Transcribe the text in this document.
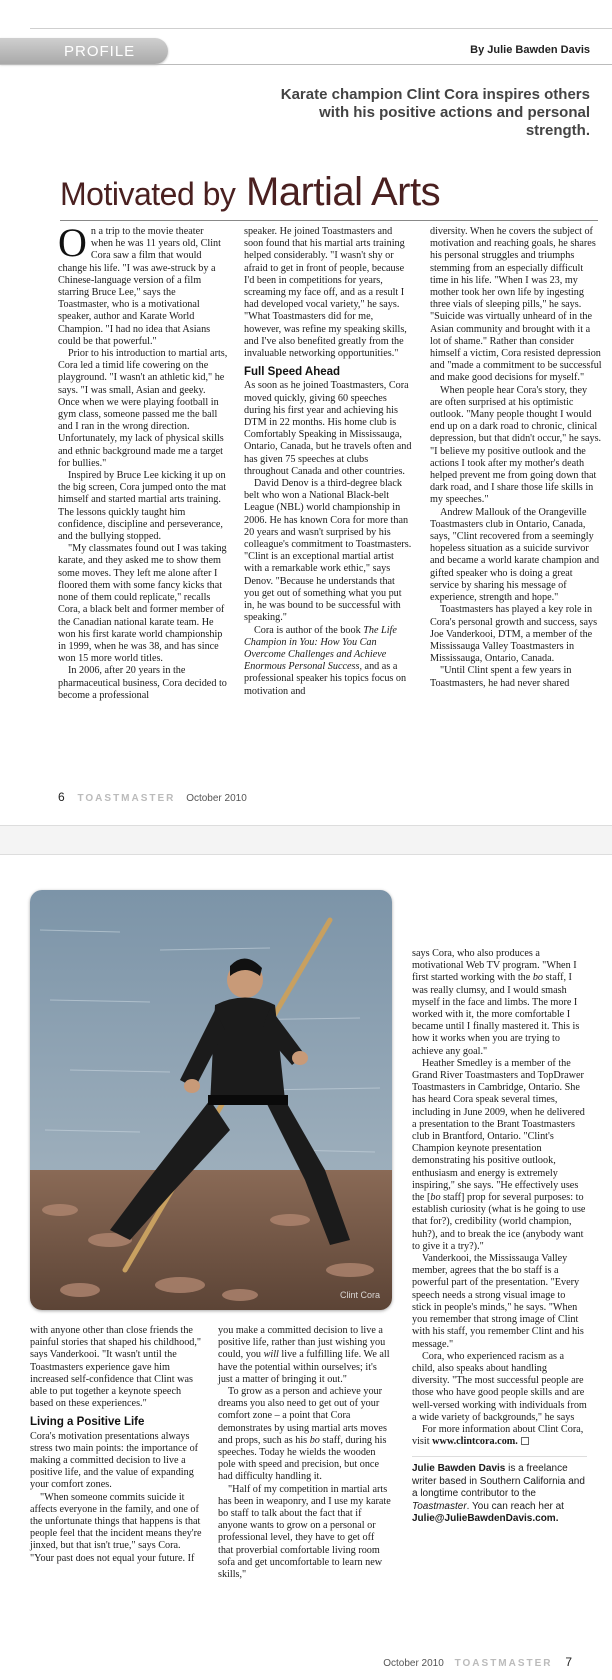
PROFILE	By Julie Bawden Davis
Karate champion Clint Cora inspires others with his positive actions and personal strength.
Motivated by Martial Arts

On a trip to the movie theater when he was 11 years old, Clint Cora saw a film that would change his life. "I was awe-struck by a Chinese-language version of a film starring Bruce Lee," says the Toastmaster, who is a motivational speaker, author and Karate World Champion. "I had no idea that Asians could be that powerful."

Prior to his introduction to martial arts, Cora led a timid life cowering on the playground. "I wasn't an athletic kid," he says. "I was small, Asian and geeky. Once when we were playing football in gym class, someone passed me the ball and I ran in the wrong direction. Unfortunately, my lack of physical skills and ethnic background made me a target for bullies."

Inspired by Bruce Lee kicking it up on the big screen, Cora jumped onto the mat himself and started martial arts training. The lessons quickly taught him confidence, discipline and perseverance, and the bullying stopped.

"My classmates found out I was taking karate, and they asked me to show them some moves. They left me alone after I floored them with some fancy kicks that none of them could replicate," recalls Cora, a black belt and former member of the Canadian national karate team. He won his first karate world championship in 1999, when he was 38, and has since won 15 more world titles.

In 2006, after 20 years in the pharmaceutical business, Cora decided to become a professional

speaker. He joined Toastmasters and soon found that his martial arts training helped considerably. "I wasn't shy or afraid to get in front of people, because I'd been in competitions for years, screaming my face off, and as a result I had developed vocal variety," he says. "What Toastmasters did for me, however, was refine my speaking skills, and I've also benefited greatly from the invaluable networking opportunities."

Full Speed Ahead

As soon as he joined Toastmasters, Cora moved quickly, giving 60 speeches during his first year and achieving his DTM in 22 months. His home club is Comfortably Speaking in Mississauga, Ontario, Canada, but he travels often and has given 75 speeches at clubs throughout Canada and other countries.

David Denov is a third-degree black belt who won a National Black-belt League (NBL) world championship in 2006. He has known Cora for more than 20 years and wasn't surprised by his colleague's commitment to Toastmasters. "Clint is an exceptional martial artist with a remarkable work ethic," says Denov. "Because he understands that you get out of something what you put in, he was bound to be successful with speaking."

Cora is author of the book The Life Champion in You: How You Can Overcome Challenges and Achieve Enormous Personal Success, and as a professional speaker his topics focus on motivation and

diversity. When he covers the subject of motivation and reaching goals, he shares his personal struggles and triumphs stemming from an especially difficult time in his life. "When I was 23, my mother took her own life by ingesting three vials of sleeping pills," he says. "Suicide was virtually unheard of in the Asian community and brought with it a lot of shame." Rather than consider himself a victim, Cora resisted depression and "made a commitment to be successful and make good decisions for myself."

When people hear Cora's story, they are often surprised at his optimistic outlook. "Many people thought I would end up on a dark road to chronic, clinical depression, but that didn't occur," he says. "I believe my positive outlook and the actions I took after my mother's death helped prevent me from going down that dark road, and I share those life skills in my speeches."

Andrew Mallouk of the Orangeville Toastmasters club in Ontario, Canada, says, "Clint recovered from a seemingly hopeless situation as a suicide survivor and became a world karate champion and gifted speaker who is doing a great service by sharing his message of experience, strength and hope."

Toastmasters has played a key role in Cora's personal growth and success, says Joe Vanderkooi, DTM, a member of the Mississauga Valley Toastmasters in Mississauga, Ontario, Canada.

"Until Clint spent a few years in Toastmasters, he had never shared

6 TOASTMASTER October 2010
Clint Cora

says Cora, who also produces a motivational Web TV program. "When I first started working with the bo staff, I was really clumsy, and I would smash myself in the face and limbs. The more I worked with it, the more comfortable I became until I finally mastered it. This is how it works when you are trying to achieve any goal."

Heather Smedley is a member of the Grand River Toastmasters and TopDrawer Toastmasters in Cambridge, Ontario. She has heard Cora speak several times, including in June 2009, when he delivered a presentation to the Brant Toastmasters club in Brantford, Ontario. "Clint's Champion keynote presentation demonstrating his positive outlook, enthusiasm and energy is extremely inspiring," she says. "He effectively uses the [bo staff] prop for several purposes: to establish curiosity (what is he going to use that for?), credibility (world champion, huh?), and to break the ice (anybody want to give it a try?)."

Vanderkooi, the Mississauga Valley member, agrees that the bo staff is a powerful part of the presentation. "Every speech needs a strong visual image to stick in people's minds," he says. "When you remember that strong image of Clint with his staff, you remember Clint and his message."

Cora, who experienced racism as a child, also speaks about handling diversity. "The most successful people are those who have good people skills and are well-versed working with individuals from a wide variety of backgrounds," he says

For more information about Clint Cora, visit www.clintcora.com.

Julie Bawden Davis is a freelance writer based in Southern California and a longtime contributor to the Toastmaster. You can reach her at Julie@JulieBawdenDavis.com.

with anyone other than close friends the painful stories that shaped his childhood," says Vanderkooi. "It wasn't until the Toastmasters experience gave him increased self-confidence that Clint was able to put together a keynote speech based on these experiences."

Living a Positive Life

Cora's motivation presentations always stress two main points: the importance of making a committed decision to live a positive life, and the value of expanding your comfort zones.

"When someone commits suicide it affects everyone in the family, and one of the unfortunate things that happens is that people feel that the incident means they're jinxed, but that isn't true," says Cora. "Your past does not equal your future. If

you make a committed decision to live a positive life, rather than just wishing you could, you will live a fulfilling life. We all have the potential within ourselves; it's just a matter of bringing it out."

To grow as a person and achieve your dreams you also need to get out of your comfort zone – a point that Cora demonstrates by using martial arts moves and props, such as his bo staff, during his speeches. Today he wields the wooden pole with speed and precision, but once had difficulty handling it.

"Half of my competition in martial arts has been in weaponry, and I use my karate bo staff to talk about the fact that if anyone wants to grow on a personal or professional level, they have to get off that proverbial comfortable living room sofa and get uncomfortable to learn new skills,"

October 2010 TOASTMASTER 7
